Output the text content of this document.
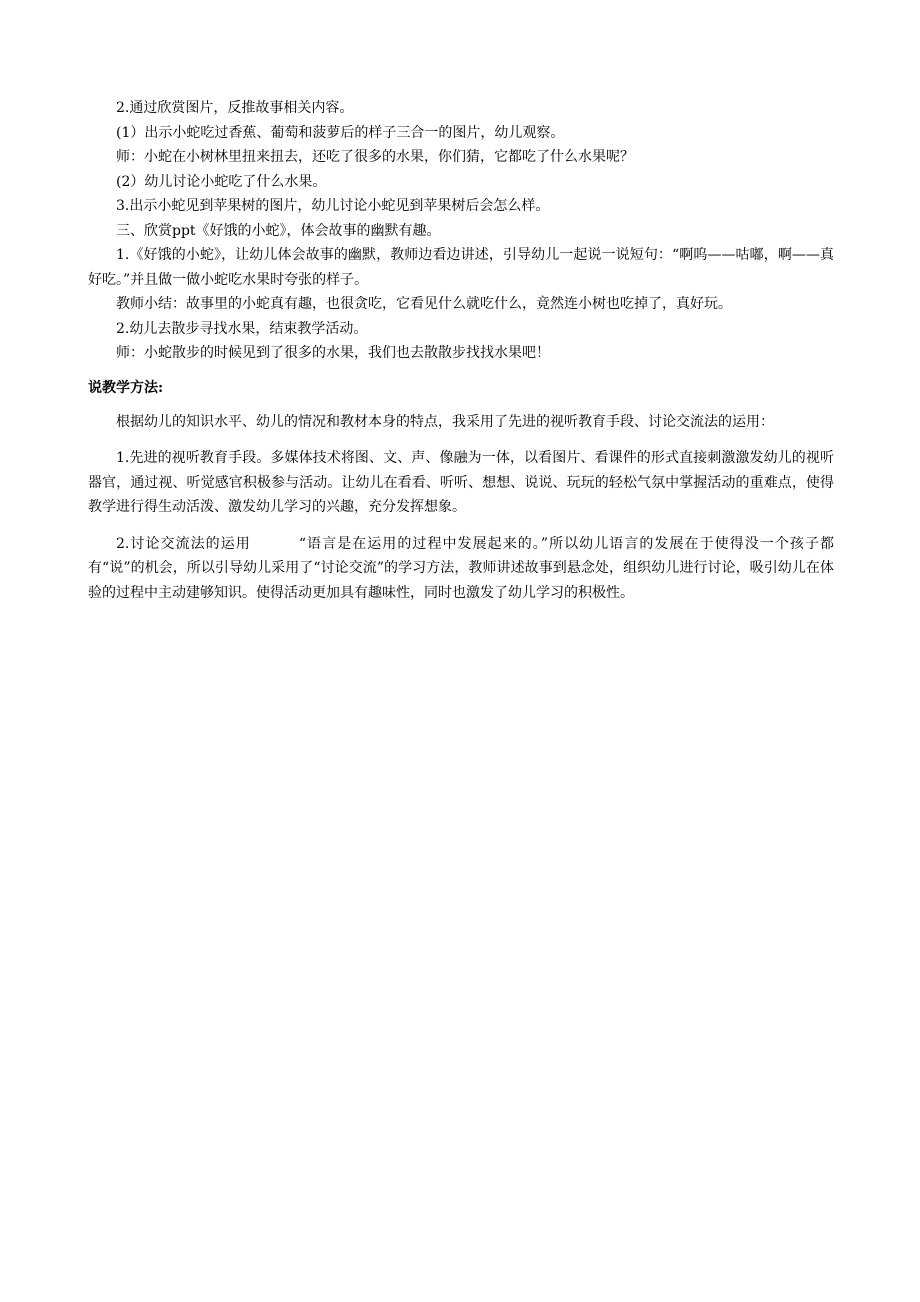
2.通过欣赏图片，反推故事相关内容。

(1）出示小蛇吃过香蕉、葡萄和菠萝后的样子三合一的图片，幼儿观察。

师：小蛇在小树林里扭来扭去，还吃了很多的水果，你们猜，它都吃了什么水果呢？

(2）幼儿讨论小蛇吃了什么水果。

3.出示小蛇见到苹果树的图片，幼儿讨论小蛇见到苹果树后会怎么样。

三、欣赏ppt《好饿的小蛇》，体会故事的幽默有趣。

1.《好饿的小蛇》，让幼儿体会故事的幽默，教师边看边讲述，引导幼儿一起说一说短句：“啊呜——咕嘟，啊——真好吃。”并且做一做小蛇吃水果时夸张的样子。

教师小结：故事里的小蛇真有趣，也很贪吃，它看见什么就吃什么，竟然连小树也吃掉了，真好玩。

2.幼儿去散步寻找水果，结束教学活动。

师：小蛇散步的时候见到了很多的水果，我们也去散散步找找水果吧！

说教学方法:

根据幼儿的知识水平、幼儿的情况和教材本身的特点，我采用了先进的视听教育手段、讨论交流法的运用：

1.先进的视听教育手段。多媒体技术将图、文、声、像融为一体，以看图片、看课件的形式直接刺激激发幼儿的视听器官，通过视、听觉感官积极参与活动。让幼儿在看看、听听、想想、说说、玩玩的轻松气氛中掌握活动的重难点，使得教学进行得生动活泼、激发幼儿学习的兴趣，充分发挥想象。

2.讨论交流法的运用	“语言是在运用的过程中发展起来的。”所以幼儿语言的发展在于使得没一个孩子都有“说”的机会，所以引导幼儿采用了“讨论交流”的学习方法，教师讲述故事到悬念处，组织幼儿进行讨论，吸引幼儿在体验的过程中主动建够知识。使得活动更加具有趣味性，同时也激发了幼儿学习的积极性。
